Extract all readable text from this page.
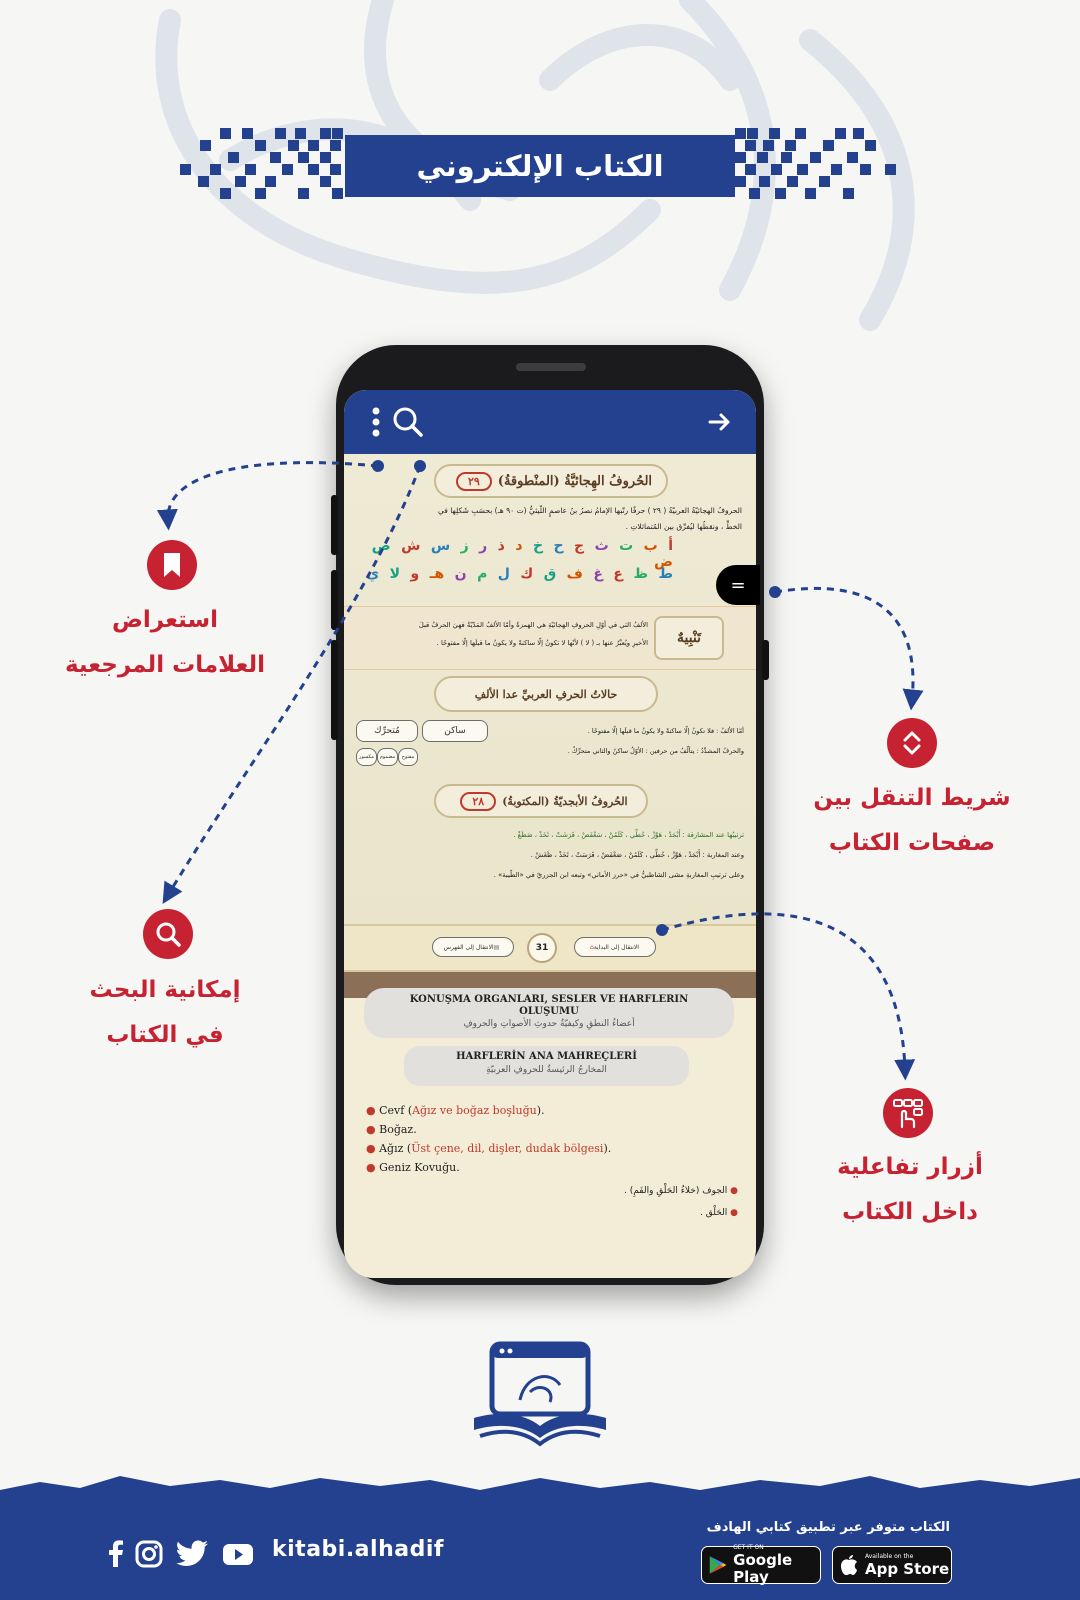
الكتاب الإلكتروني
الحُروفُ الهِجائيَّةُ (المنْطوقةُ)
٢٩
الحروفُ الهجائيّةُ العربيّةُ ( ٢٩ ) حرفًا رتّبها الإمامُ نصرُ بنُ عاصمٍ اللّيثيُّ (ت ٩٠ هـ) بحسَبِ شَكلِها في
الخطِّ ، ونقطُها ليُفرِّق بين المُتماثلاتِ .
أ ب ت ث ج ح خ د ذ ر ز س ش ص ض
ط ظ ع غ ف ق ك ل م ن هـ و لا ي
تَنْبِيهٌ
الألفُ التي في أوّلِ الحروفِ الهجائيّةِ هي الهمزةُ وأمّا الألفُ المَدّيّةُ فهيَ الحرفُ قبلَ
الأخيرِ ويُعبَّرُ عنها بـ ( لا ) لأنّها لا تكونُ إلّا ساكنةً ولا يكونُ ما قبلَها إلّا مفتوحًا .
حالاتُ الحرفِ العربيِّ عدا الألفِ
أمّا الألفُ : فلا تكونُ إلّا ساكنةً ولا يكونُ ما قبلَها إلّا مفتوحًا .
والحرفُ المشدَّدُ : يتألّفُ من حرفين : الأوّلُ ساكنٌ والثاني متحرِّكٌ .
ساكن
مُتحرِّك
مفتوح
مضموم
مكسور
الحُروفُ الأبجديّةُ (المكتوبةُ)
٢٨
ترتيبُها عند المشارقة : أَبْجَدْ ، هَوَّزْ ، حُطِّي ، كَلَمُنْ ، سَعْفَصْ ، قَرَشَتْ ، ثَخَذْ ، ضَظَغْ .
وعند المغاربة : أَبْجَدْ ، هَوَّزْ ، حُطِّي ، كَلَمُنْ ، صَعْفَضْ ، قَرَسَتْ ، ثَخَذْ ، ظَغَشْ .
وعلى ترتيبِ المغاربةِ مشى الشاطبيُّ في «حرز الأماني» وتبعه ابن الجزريّ في «الطّيبة» .
⌂ الانتقال إلى البداية
31
الانتقال إلى الفهرس ▤
KONUŞMA ORGANLARI, SESLER VE HARFLERIN OLUŞUMU
أعضاءُ النطقِ وكيفيّةُ حدوثِ الأصواتِ والحروفِ
HARFLERİN ANA MAHREÇLERİ
المخارجُ الرئيسةُ للحروفِ العربيّةِ
● Cevf (Ağız ve boğaz boşluğu).
● Boğaz.
● Ağız (Üst çene, dil, dişler, dudak bölgesi).
● Geniz Kovuğu.
● الجوف (خلاءُ الحَلْقِ والفَمِ) .
● الحَلْق .
=
استعراض
العلامات المرجعية
إمكانية البحث
في الكتاب
شريط التنقل بين
صفحات الكتاب
أزرار تفاعلية
داخل الكتاب
الكتاب متوفر عبر تطبيق كتابي الهادف
GET IT ON
Google Play
Available on the
App Store
kitabi.alhadif
